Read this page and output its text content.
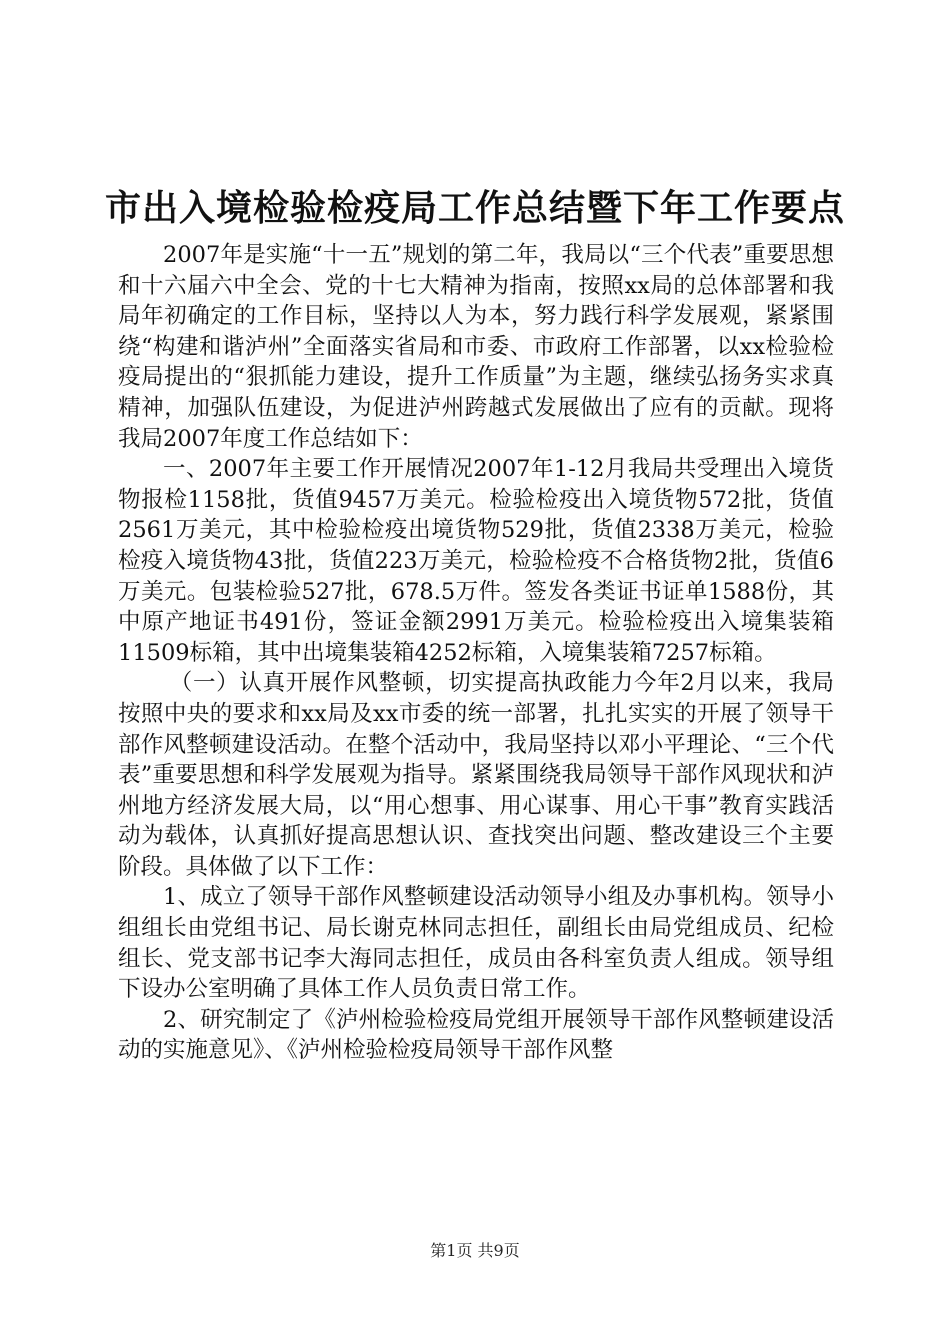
市出入境检验检疫局工作总结暨下年工作要点

2007年是实施“十一五”规划的第二年，我局以“三个代表”重要思想和十六届六中全会、党的十七大精神为指南，按照xx局的总体部署和我局年初确定的工作目标，坚持以人为本，努力践行科学发展观，紧紧围绕“构建和谐泸州”全面落实省局和市委、市政府工作部署，以xx检验检疫局提出的“狠抓能力建设，提升工作质量”为主题，继续弘扬务实求真精神，加强队伍建设，为促进泸州跨越式发展做出了应有的贡献。现将我局2007年度工作总结如下：

一、2007年主要工作开展情况2007年1-12月我局共受理出入境货物报检1158批，货值9457万美元。检验检疫出入境货物572批，货值2561万美元，其中检验检疫出境货物529批，货值2338万美元，检验检疫入境货物43批，货值223万美元，检验检疫不合格货物2批，货值6万美元。包装检验527批，678.5万件。签发各类证书证单1588份，其中原产地证书491份，签证金额2991万美元。检验检疫出入境集装箱11509标箱，其中出境集装箱4252标箱，入境集装箱7257标箱。

（一）认真开展作风整顿，切实提高执政能力今年2月以来，我局按照中央的要求和xx局及xx市委的统一部署，扎扎实实的开展了领导干部作风整顿建设活动。在整个活动中，我局坚持以邓小平理论、“三个代表”重要思想和科学发展观为指导。紧紧围绕我局领导干部作风现状和泸州地方经济发展大局，以“用心想事、用心谋事、用心干事”教育实践活动为载体，认真抓好提高思想认识、查找突出问题、整改建设三个主要阶段。具体做了以下工作：

1、成立了领导干部作风整顿建设活动领导小组及办事机构。领导小组组长由党组书记、局长谢克林同志担任，副组长由局党组成员、纪检组长、党支部书记李大海同志担任，成员由各科室负责人组成。领导组下设办公室明确了具体工作人员负责日常工作。

2、研究制定了《泸州检验检疫局党组开展领导干部作风整顿建设活动的实施意见》、《泸州检验检疫局领导干部作风整

第1页 共9页
